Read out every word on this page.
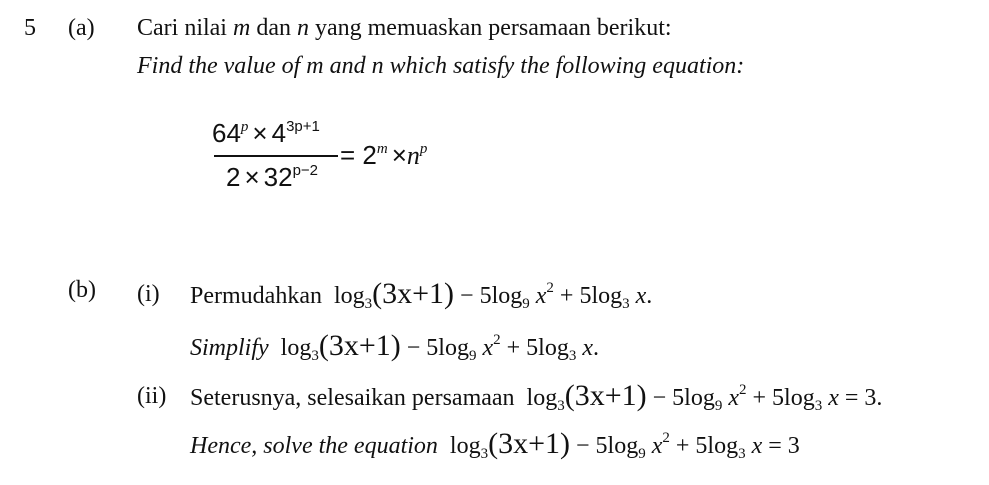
5 (a) Cari nilai m dan n yang memuaskan persamaan berikut:
Find the value of m and n which satisfy the following equation:
$64^p \times 4^{3p+1}$
$2 \times 32^{p-2}$
= $2^m \times n^p$
(b) (i) Permudahkan $\log_3(3x+1) - 5\log_9$ $x^2 + 5\log_3$ x.
Simplify $\log_3(3x+1) - 5\log_9$ $x^2 + 5\log_3$ x.
(ii) Seterusnya, selesaikan persamaan $\log_3(3x+1) - 5\log_9$ $x^2 + 5\log_3$ x = 3.
Hence, solve the equation $\log_3(3x+1) - 5\log_9$ $x^2 + 5\log_3$ x = 3
